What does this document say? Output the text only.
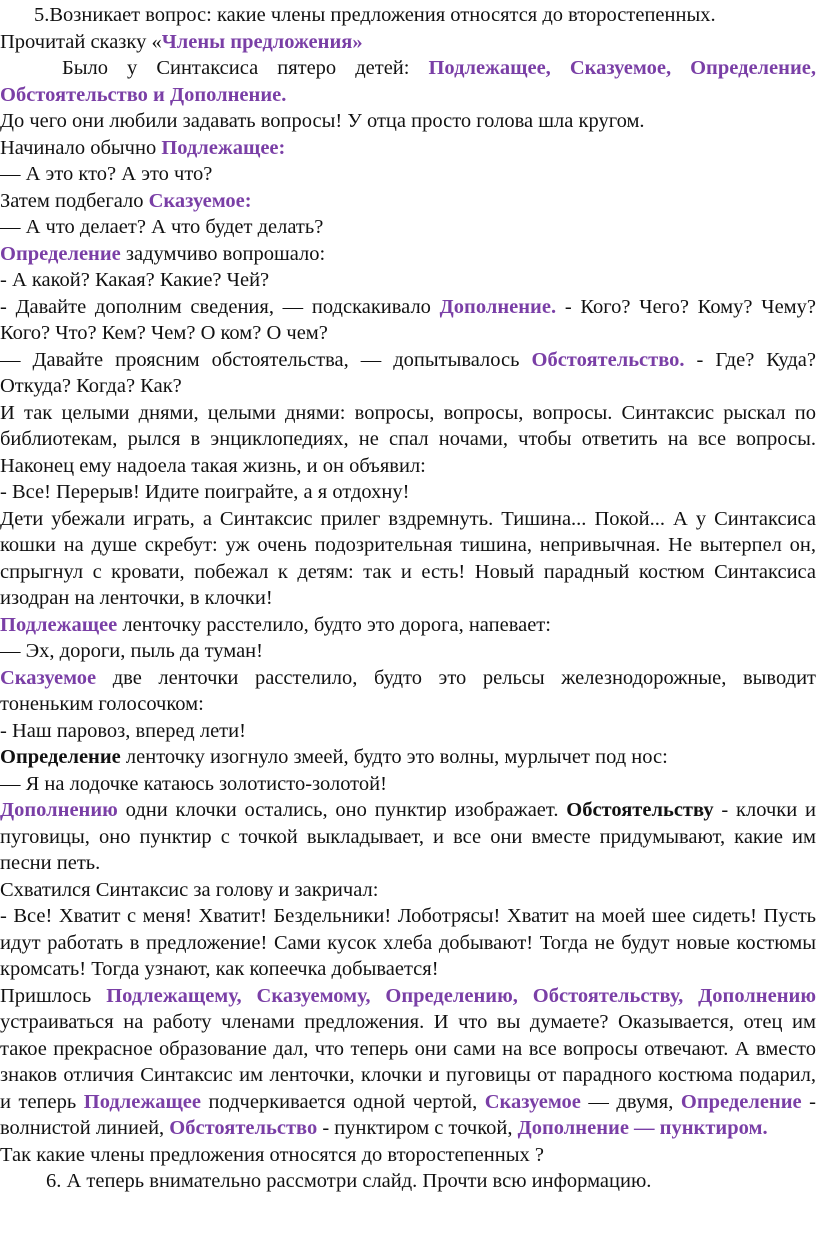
5.Возникает вопрос: какие члены предложения относятся до второстепенных.
Прочитай сказку «Члены предложения»
Было у Синтаксиса пятеро детей: Подлежащее, Сказуемое, Определение,
Обстоятельство и Дополнение.
До чего они любили задавать вопросы! У отца просто голова шла кругом.
Начинало обычно Подлежащее:
— А это кто? А это что?
Затем подбегало Сказуемое:
— А что делает? А что будет делать?
Определение задумчиво вопрошало:
- А какой? Какая? Какие? Чей?
- Давайте дополним сведения, — подскакивало Дополнение. - Кого? Чего? Кому? Чему?
Кого? Что? Кем? Чем? О ком? О чем?
— Давайте проясним обстоятельства, — допытывалось Обстоятельство. - Где? Куда?
Откуда? Когда? Как?
И так целыми днями, целыми днями: вопросы, вопросы, вопросы. Синтаксис рыскал по
библиотекам, рылся в энциклопедиях, не спал ночами, чтобы ответить на все вопросы.
Наконец ему надоела такая жизнь, и он объявил:
- Все! Перерыв! Идите поиграйте, а я отдохну!
Дети убежали играть, а Синтаксис прилег вздремнуть. Тишина... Покой... А у Синтаксиса
кошки на душе скребут: уж очень подозрительная тишина, непривычная. Не вытерпел он,
спрыгнул с кровати, побежал к детям: так и есть! Новый парадный костюм Синтаксиса
изодран на ленточки, в клочки!
Подлежащее ленточку расстелило, будто это дорога, напевает:
— Эх, дороги, пыль да туман!
Сказуемое две ленточки расстелило, будто это рельсы железнодорожные, выводит
тоненьким голосочком:
- Наш паровоз, вперед лети!
Определение ленточку изогнуло змеей, будто это волны, мурлычет под нос:
— Я на лодочке катаюсь золотисто-золотой!
Дополнению одни клочки остались, оно пунктир изображает. Обстоятельству - клочки и
пуговицы, оно пунктир с точкой выкладывает, и все они вместе придумывают, какие им
песни петь.
Схватился Синтаксис за голову и закричал:
- Все! Хватит с меня! Хватит! Бездельники! Лоботрясы! Хватит на моей шее сидеть! Пусть
идут работать в предложение! Сами кусок хлеба добывают! Тогда не будут новые костюмы
кромсать! Тогда узнают, как копеечка добывается!
Пришлось Подлежащему, Сказуемому, Определению, Обстоятельству, Дополнению
устраиваться на работу членами предложения. И что вы думаете? Оказывается, отец им
такое прекрасное образование дал, что теперь они сами на все вопросы отвечают. А вместо
знаков отличия Синтаксис им ленточки, клочки и пуговицы от парадного костюма подарил,
и теперь Подлежащее подчеркивается одной чертой, Сказуемое — двумя, Определение -
волнистой линией, Обстоятельство - пунктиром с точкой, Дополнение — пунктиром.
Так какие члены предложения относятся до второстепенных ?
6. А теперь внимательно рассмотри слайд. Прочти всю информацию.
